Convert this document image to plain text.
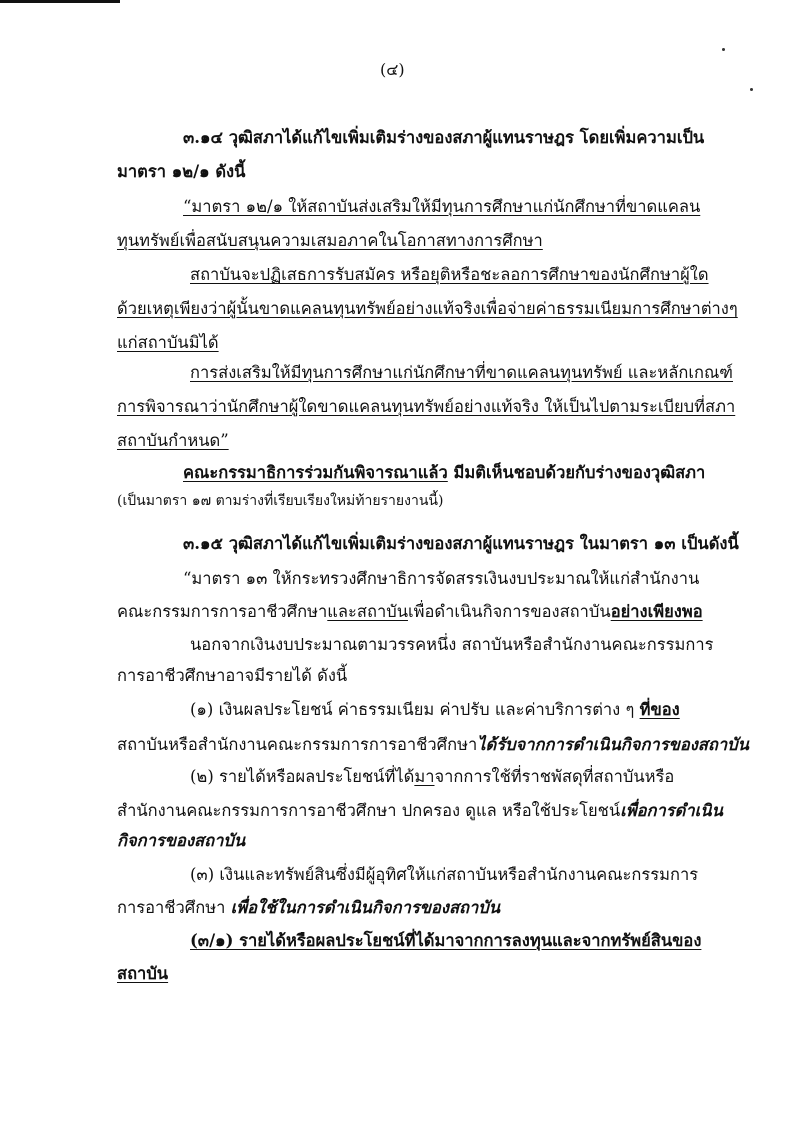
(๔)
๓.๑๔ วุฒิสภาได้แก้ไขเพิ่มเติมร่างของสภาผู้แทนราษฎร โดยเพิ่มความเป็น
มาตรา ๑๒/๑ ดังนี้
“มาตรา ๑๒/๑ ให้สถาบันส่งเสริมให้มีทุนการศึกษาแก่นักศึกษาที่ขาดแคลน
ทุนทรัพย์เพื่อสนับสนุนความเสมอภาคในโอกาสทางการศึกษา
สถาบันจะปฏิเสธการรับสมัคร หรือยุติหรือชะลอการศึกษาของนักศึกษาผู้ใด
ด้วยเหตุเพียงว่าผู้นั้นขาดแคลนทุนทรัพย์อย่างแท้จริงเพื่อจ่ายค่าธรรมเนียมการศึกษาต่างๆ
แก่สถาบันมิได้
การส่งเสริมให้มีทุนการศึกษาแก่นักศึกษาที่ขาดแคลนทุนทรัพย์ และหลักเกณฑ์
การพิจารณาว่านักศึกษาผู้ใดขาดแคลนทุนทรัพย์อย่างแท้จริง ให้เป็นไปตามระเบียบที่สภา
สถาบันกำหนด”
คณะกรรมาธิการร่วมกันพิจารณาแล้ว มีมติเห็นชอบด้วยกับร่างของวุฒิสภา
(เป็นมาตรา ๑๗ ตามร่างที่เรียบเรียงใหม่ท้ายรายงานนี้)
๓.๑๕ วุฒิสภาได้แก้ไขเพิ่มเติมร่างของสภาผู้แทนราษฎร ในมาตรา ๑๓ เป็นดังนี้
“มาตรา ๑๓ ให้กระทรวงศึกษาธิการจัดสรรเงินงบประมาณให้แก่สำนักงาน
คณะกรรมการการอาชีวศึกษาและสถาบันเพื่อดำเนินกิจการของสถาบันอย่างเพียงพอ
นอกจากเงินงบประมาณตามวรรคหนึ่ง สถาบันหรือสำนักงานคณะกรรมการ
การอาชีวศึกษาอาจมีรายได้ ดังนี้
(๑) เงินผลประโยชน์ ค่าธรรมเนียม ค่าปรับ และค่าบริการต่าง ๆ ที่ของ
สถาบันหรือสำนักงานคณะกรรมการการอาชีวศึกษาได้รับจากการดำเนินกิจการของสถาบัน
(๒) รายได้หรือผลประโยชน์ที่ได้มาจากการใช้ที่ราชพัสดุที่สถาบันหรือ
สำนักงานคณะกรรมการการอาชีวศึกษา ปกครอง ดูแล หรือใช้ประโยชน์เพื่อการดำเนิน
กิจการของสถาบัน
(๓) เงินและทรัพย์สินซึ่งมีผู้อุทิศให้แก่สถาบันหรือสำนักงานคณะกรรมการ
การอาชีวศึกษา เพื่อใช้ในการดำเนินกิจการของสถาบัน
(๓/๑) รายได้หรือผลประโยชน์ที่ได้มาจากการลงทุนและจากทรัพย์สินของ
สถาบัน
